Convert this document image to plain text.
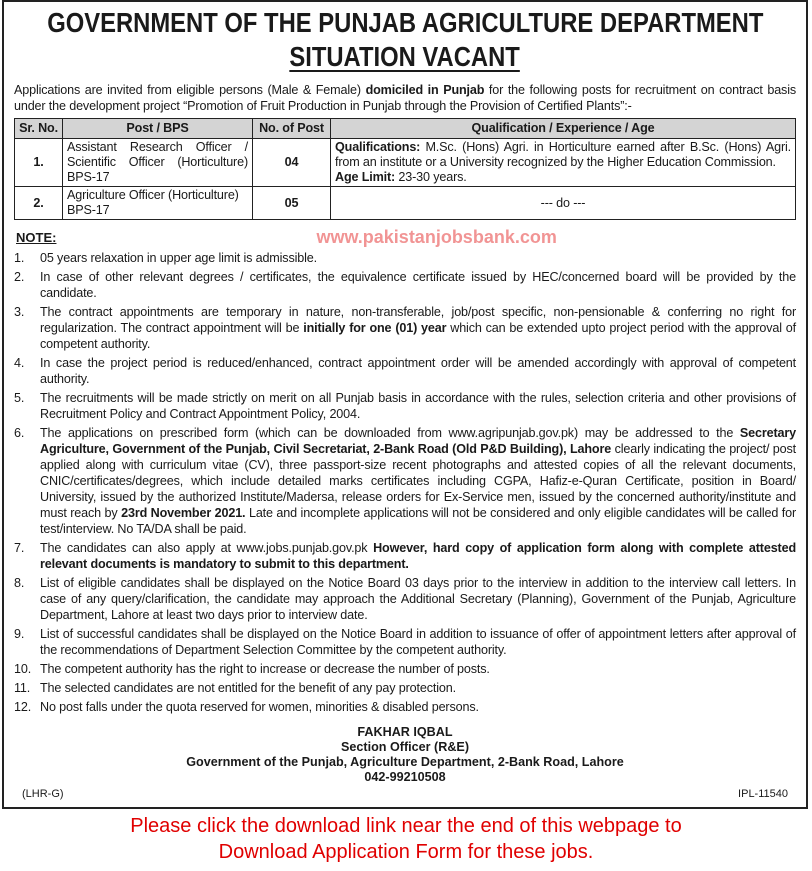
GOVERNMENT OF THE PUNJAB AGRICULTURE DEPARTMENT
SITUATION VACANT
Applications are invited from eligible persons (Male & Female) domiciled in Punjab for the following posts for recruitment on contract basis under the development project “Promotion of Fruit Production in Punjab through the Provision of Certified Plants”:-
Sr. No.	Post / BPS	No. of Post	Qualification / Experience / Age
1.	Assistant Research Officer / Scientific Officer (Horticulture) BPS-17	04	Qualifications: M.Sc. (Hons) Agri. in Horticulture earned after B.Sc. (Hons) Agri. from an institute or a University recognized by the Higher Education Commission.
Age Limit: 23-30 years.
2.	Agriculture Officer (Horticulture) BPS-17	05	--- do ---
NOTE:	www.pakistanjobsbank.com
1.	05 years relaxation in upper age limit is admissible.
2.	In case of other relevant degrees / certificates, the equivalence certificate issued by HEC/concerned board will be provided by the candidate.
3.	The contract appointments are temporary in nature, non-transferable, job/post specific, non-pensionable & conferring no right for regularization. The contract appointment will be initially for one (01) year which can be extended upto project period with the approval of competent authority.
4.	In case the project period is reduced/enhanced, contract appointment order will be amended accordingly with approval of competent authority.
5.	The recruitments will be made strictly on merit on all Punjab basis in accordance with the rules, selection criteria and other provisions of Recruitment Policy and Contract Appointment Policy, 2004.
6.	The applications on prescribed form (which can be downloaded from www.agripunjab.gov.pk) may be addressed to the Secretary Agriculture, Government of the Punjab, Civil Secretariat, 2-Bank Road (Old P&D Building), Lahore clearly indicating the project/ post applied along with curriculum vitae (CV), three passport-size recent photographs and attested copies of all the relevant documents, CNIC/certificates/degrees, which include detailed marks certificates including CGPA, Hafiz-e-Quran Certificate, position in Board/ University, issued by the authorized Institute/Madersa, release orders for Ex-Service men, issued by the concerned authority/institute and must reach by 23rd November 2021. Late and incomplete applications will not be considered and only eligible candidates will be called for test/interview. No TA/DA shall be paid.
7.	The candidates can also apply at www.jobs.punjab.gov.pk However, hard copy of application form along with complete attested relevant documents is mandatory to submit to this department.
8.	List of eligible candidates shall be displayed on the Notice Board 03 days prior to the interview in addition to the interview call letters. In case of any query/clarification, the candidate may approach the Additional Secretary (Planning), Government of the Punjab, Agriculture Department, Lahore at least two days prior to interview date.
9.	List of successful candidates shall be displayed on the Notice Board in addition to issuance of offer of appointment letters after approval of the recommendations of Department Selection Committee by the competent authority.
10. The competent authority has the right to increase or decrease the number of posts.
11. The selected candidates are not entitled for the benefit of any pay protection.
12. No post falls under the quota reserved for women, minorities & disabled persons.
FAKHAR IQBAL
Section Officer (R&E)
Government of the Punjab, Agriculture Department, 2-Bank Road, Lahore
042-99210508
(LHR-G)	IPL-11540
Please click the download link near the end of this webpage to
Download Application Form for these jobs.
